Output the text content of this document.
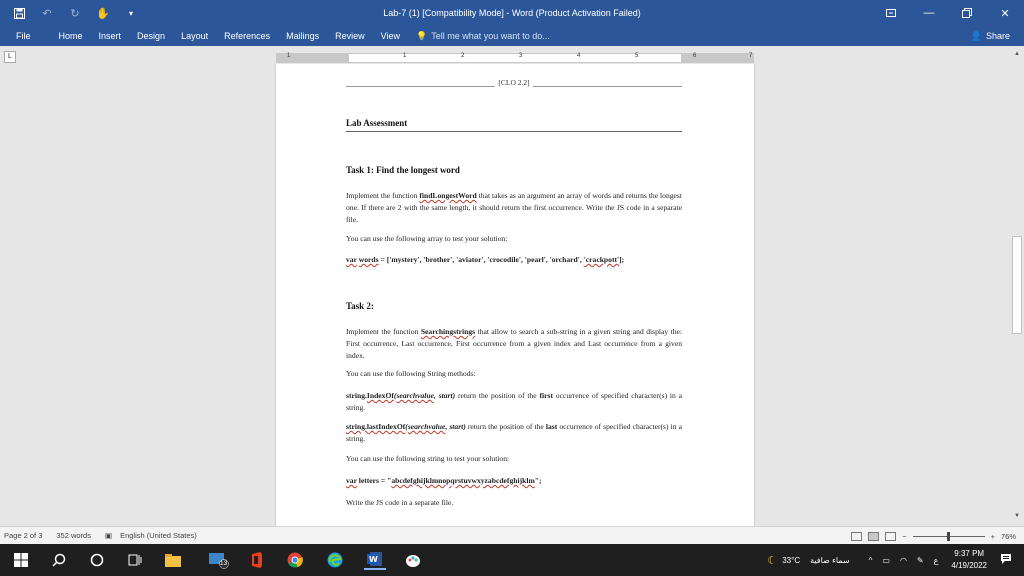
↶ ↻ ✋	▾	Lab-7 (1) [Compatibility Mode] - Word (Product Activation Failed)	—	✕
File	Home	Insert	Design	Layout	References	Mailings	Review	View	💡 Tell me what you want to do...	👤 Share
L	1	1	2	3	4	5	6	7
[CLO 2.2]
Lab Assessment
Task 1: Find the longest word
Implement the function findLongestWord that takes as an argument an array of words and returns the longest one. If there are 2 with the same length, it should return the first occurrence. Write the JS code in a separate file.
You can use the following array to test your solution:
var words = ['mystery', 'brother', 'aviator', 'crocodile', 'pearl', 'orchard', 'crackpott'];
Task 2:
Implement the function Searchingstrings that allow to search a sub-string in a given string and display the: First occurrence, Last occurrence, First occurrence from a given index and Last occurrence from a given index.
You can use the following String methods:
string.IndexOf(searchvalue, start) return the position of the first occurrence of specified character(s) in a string.
string.lastIndexOf(searchvalue, start) return the position of the last occurrence of specified character(s) in a string.
You can use the following string to test your solution:
var letters = "abcdefghijklmnopqrstuvwxyzabcdefghijklm";
Write the JS code in a separate file.
▲
▼
Page 2 of 3	352 words	▣	English (United States)	−	+ 76%
13	W	☾ 33°C	سماء صافية	^	▭	◠	✎	ع
9:37 PM
4/19/2022
